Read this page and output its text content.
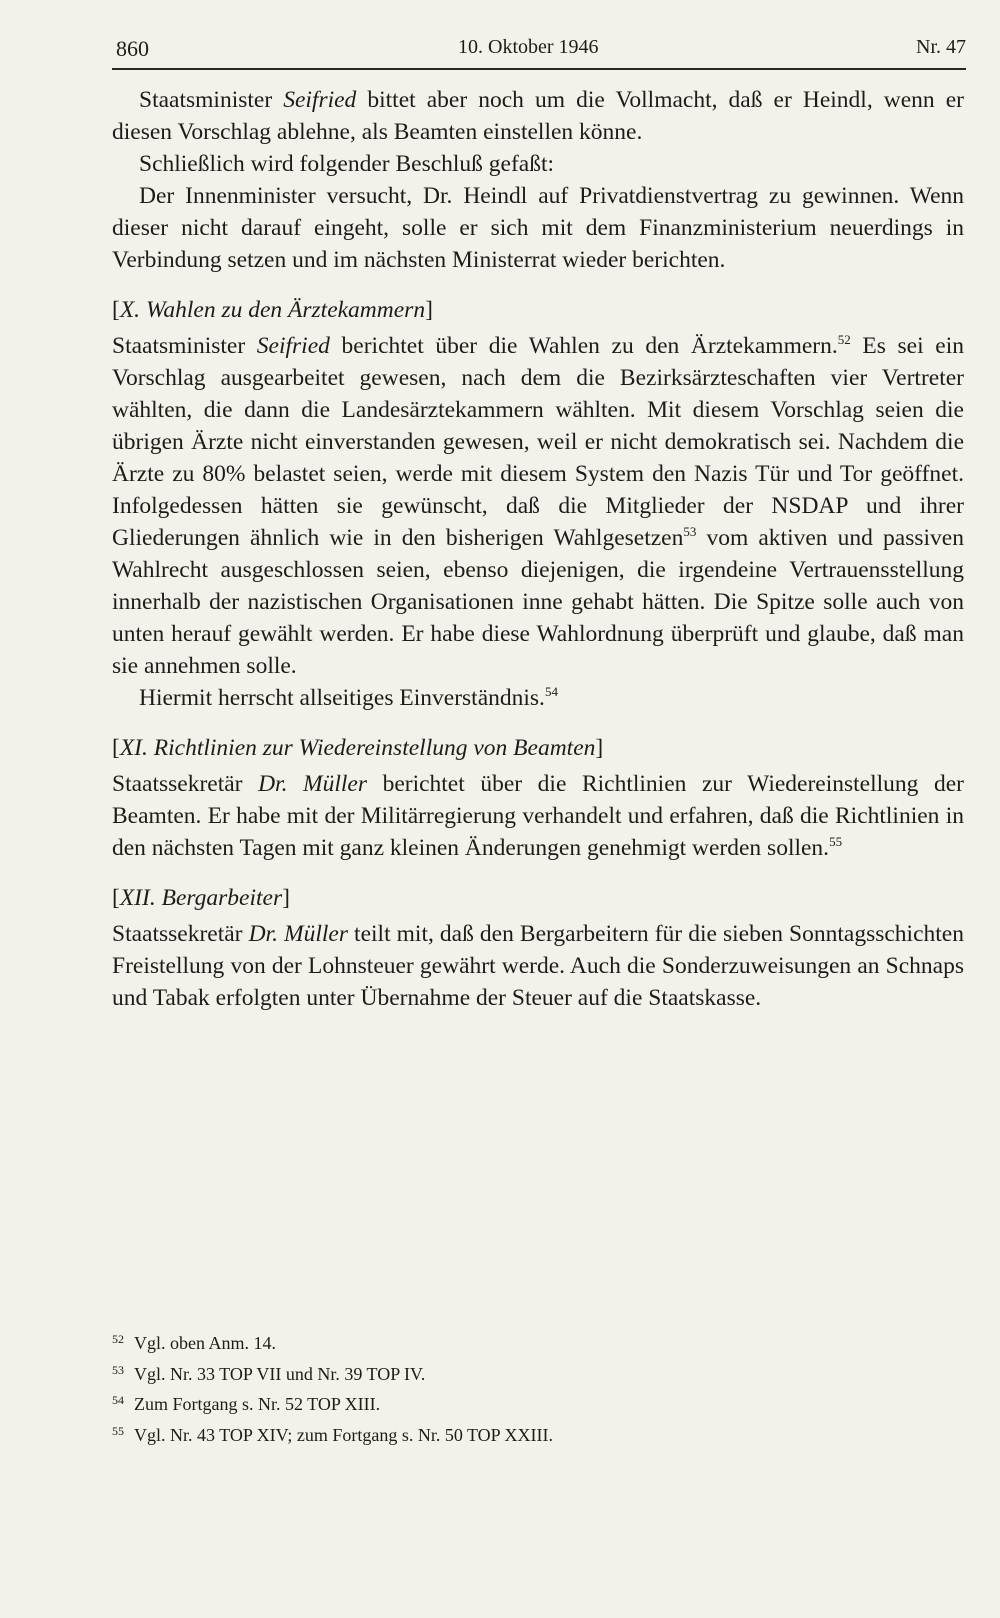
860	10. Oktober 1946	Nr. 47

Staatsminister Seifried bittet aber noch um die Vollmacht, daß er Heindl, wenn er diesen Vorschlag ablehne, als Beamten einstellen könne.

Schließlich wird folgender Beschluß gefaßt:

Der Innenminister versucht, Dr. Heindl auf Privatdienstvertrag zu gewinnen. Wenn dieser nicht darauf eingeht, solle er sich mit dem Finanzministerium neuerdings in Verbindung setzen und im nächsten Ministerrat wieder berichten.

[X. Wahlen zu den Ärztekammern]

Staatsminister Seifried berichtet über die Wahlen zu den Ärztekammern.$^{52}$ Es sei ein Vorschlag ausgearbeitet gewesen, nach dem die Bezirksärzteschaften vier Vertreter wählten, die dann die Landesärztekammern wählten. Mit diesem Vorschlag seien die übrigen Ärzte nicht einverstanden gewesen, weil er nicht demokratisch sei. Nachdem die Ärzte zu 80% belastet seien, werde mit diesem System den Nazis Tür und Tor geöffnet. Infolgedessen hätten sie gewünscht, daß die Mitglieder der NSDAP und ihrer Gliederungen ähnlich wie in den bisherigen Wahlgesetzen$^{53}$ vom aktiven und passiven Wahlrecht ausgeschlossen seien, ebenso diejenigen, die irgendeine Vertrauensstellung innerhalb der nazistischen Organisationen inne gehabt hätten. Die Spitze solle auch von unten herauf gewählt werden. Er habe diese Wahlordnung überprüft und glaube, daß man sie annehmen solle.

Hiermit herrscht allseitiges Einverständnis.$^{54}$

[XI. Richtlinien zur Wiedereinstellung von Beamten]

Staatssekretär Dr. Müller berichtet über die Richtlinien zur Wiedereinstellung der Beamten. Er habe mit der Militärregierung verhandelt und erfahren, daß die Richtlinien in den nächsten Tagen mit ganz kleinen Änderungen genehmigt werden sollen.$^{55}$

[XII. Bergarbeiter]

Staatssekretär Dr. Müller teilt mit, daß den Bergarbeitern für die sieben Sonntagsschichten Freistellung von der Lohnsteuer gewährt werde. Auch die Sonderzuweisungen an Schnaps und Tabak erfolgten unter Übernahme der Steuer auf die Staatskasse.

52 Vgl. oben Anm. 14.
53 Vgl. Nr. 33 TOP VII und Nr. 39 TOP IV.
54 Zum Fortgang s. Nr. 52 TOP XIII.
55 Vgl. Nr. 43 TOP XIV; zum Fortgang s. Nr. 50 TOP XXIII.
